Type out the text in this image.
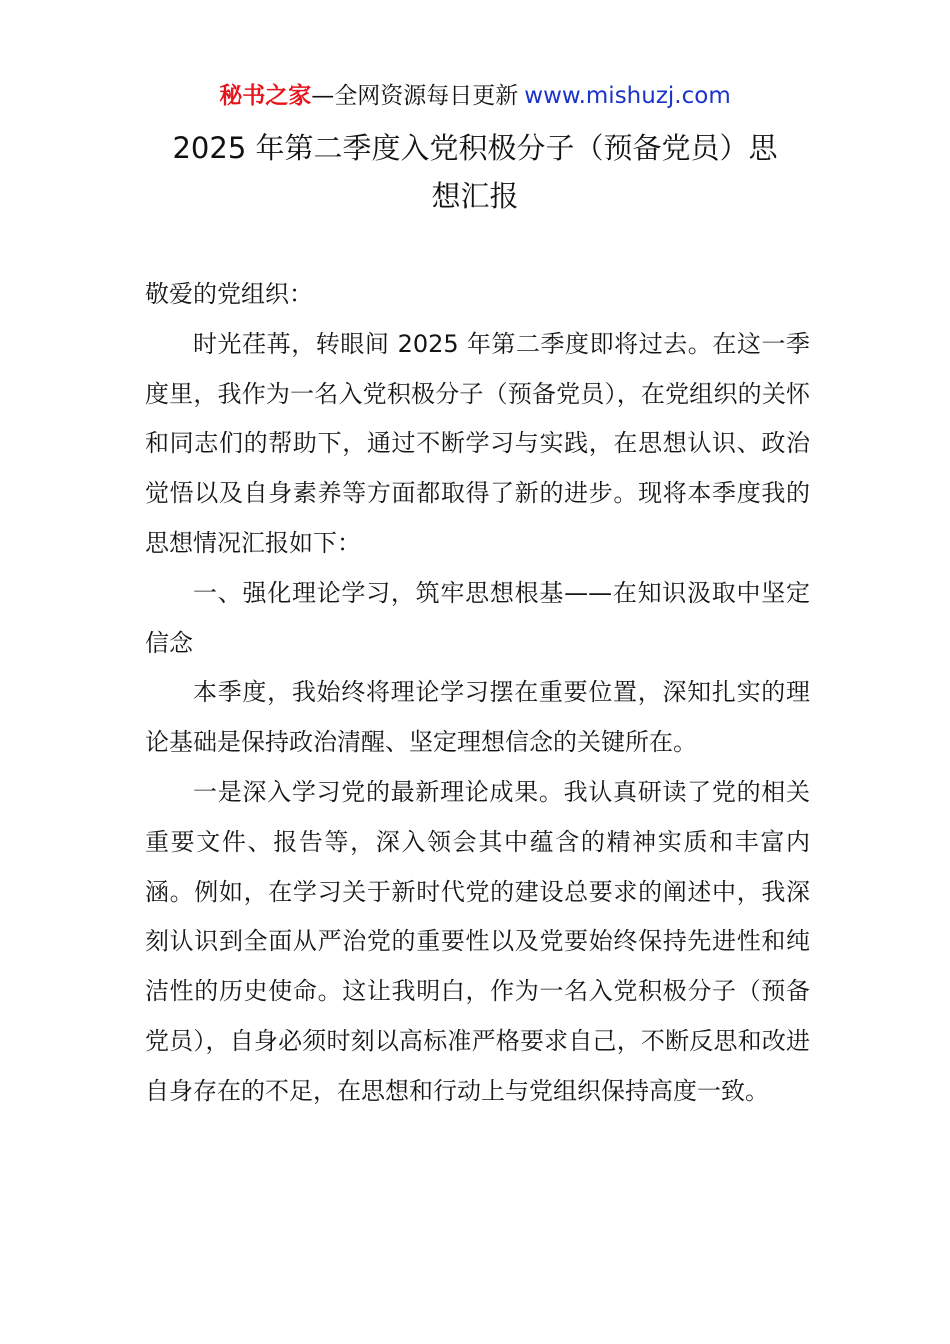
秘书之家—全网资源每日更新 www.mishuzj.com
2025 年第二季度入党积极分子（预备党员）思
想汇报

敬爱的党组织：

时光荏苒，转眼间 2025 年第二季度即将过去。在这一季度里，我作为一名入党积极分子（预备党员），在党组织的关怀和同志们的帮助下，通过不断学习与实践，在思想认识、政治觉悟以及自身素养等方面都取得了新的进步。现将本季度我的思想情况汇报如下：

一、强化理论学习，筑牢思想根基——在知识汲取中坚定信念

本季度，我始终将理论学习摆在重要位置，深知扎实的理论基础是保持政治清醒、坚定理想信念的关键所在。

一是深入学习党的最新理论成果。我认真研读了党的相关重要文件、报告等，深入领会其中蕴含的精神实质和丰富内涵。例如，在学习关于新时代党的建设总要求的阐述中，我深刻认识到全面从严治党的重要性以及党要始终保持先进性和纯洁性的历史使命。这让我明白，作为一名入党积极分子（预备党员），自身必须时刻以高标准严格要求自己，不断反思和改进自身存在的不足，在思想和行动上与党组织保持高度一致。
